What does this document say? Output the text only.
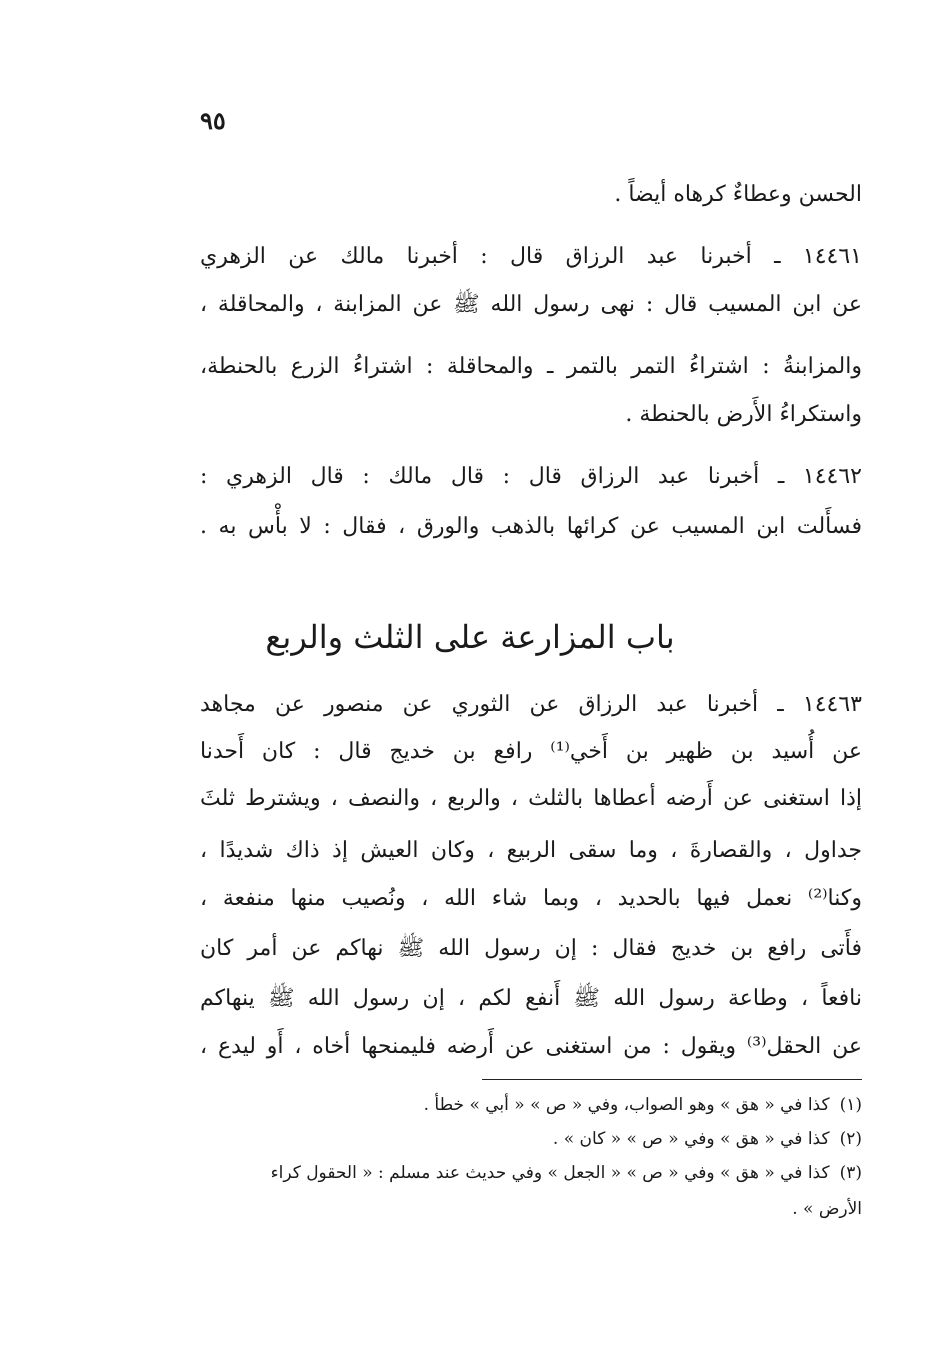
٩٥
الحسن وعطاءٌ كرهاه أيضاً .
١٤٤٦١ ـ أخبرنا عبد الرزاق قال : أخبرنا مالك عن الزهري
عن ابن المسيب قال : نهى رسول الله ﷺ عن المزابنة ، والمحاقلة ،
والمزابنةُ : اشتراءُ التمر بالتمر ـ والمحاقلة : اشتراءُ الزرع بالحنطة،
واستكراءُ الأَرض بالحنطة .
١٤٤٦٢ ـ أخبرنا عبد الرزاق قال : قال مالك : قال الزهري :
فسأَلت ابن المسيب عن كرائها بالذهب والورق ، فقال : لا بأْس به .
باب المزارعة على الثلث والربع
١٤٤٦٣ ـ أخبرنا عبد الرزاق عن الثوري عن منصور عن مجاهد
عن أُسيد بن ظهير بن أَخي⁽¹⁾ رافع بن خديج قال : كان أَحدنا
إذا استغنى عن أَرضه أعطاها بالثلث ، والربع ، والنصف ، ويشترط ثلثَ
جداول ، والقصارةَ ، وما سقى الربيع ، وكان العيش إذ ذاك شديدًا ،
وكنا⁽²⁾ نعمل فيها بالحديد ، وبما شاء الله ، ونُصيب منها منفعة ،
فأَتى رافع بن خديج فقال : إن رسول الله ﷺ نهاكم عن أمر كان
نافعاً ، وطاعة رسول الله ﷺ أَنفع لكم ، إن رسول الله ﷺ ينهاكم
عن الحقل⁽³⁾ ويقول : من استغنى عن أَرضه فليمنحها أخاه ، أَو ليدع ،
(١)كذا في « هق » وهو الصواب، وفي « ص » « أبي » خطأ .
(٢)كذا في « هق » وفي « ص » « كان » .
(٣)كذا في « هق » وفي « ص » « الجعل » وفي حديث عند مسلم : « الحقول كراء
الأرض » .
